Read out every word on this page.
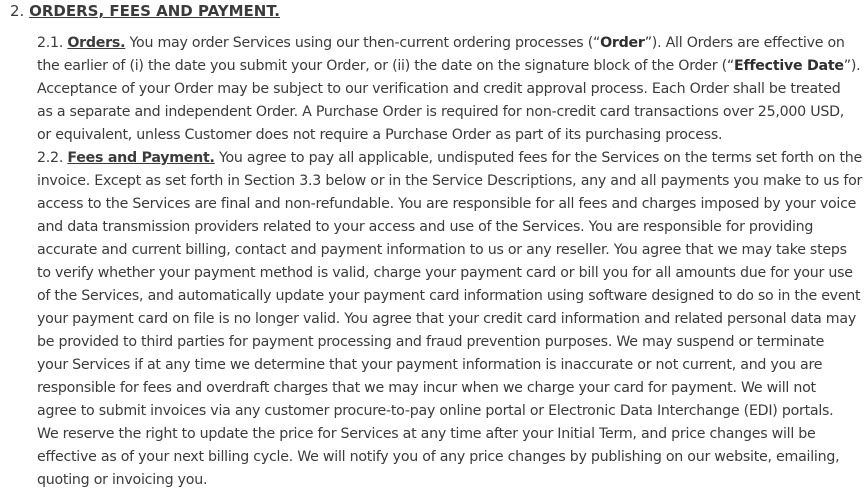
2. ORDERS, FEES AND PAYMENT.
2.1. Orders. You may order Services using our then-current ordering processes (“Order”). All Orders are effective on
the earlier of (i) the date you submit your Order, or (ii) the date on the signature block of the Order (“Effective Date”).
Acceptance of your Order may be subject to our verification and credit approval process. Each Order shall be treated
as a separate and independent Order. A Purchase Order is required for non-credit card transactions over 25,000 USD,
or equivalent, unless Customer does not require a Purchase Order as part of its purchasing process.
2.2. Fees and Payment. You agree to pay all applicable, undisputed fees for the Services on the terms set forth on the
invoice. Except as set forth in Section 3.3 below or in the Service Descriptions, any and all payments you make to us for
access to the Services are final and non-refundable. You are responsible for all fees and charges imposed by your voice
and data transmission providers related to your access and use of the Services. You are responsible for providing
accurate and current billing, contact and payment information to us or any reseller. You agree that we may take steps
to verify whether your payment method is valid, charge your payment card or bill you for all amounts due for your use
of the Services, and automatically update your payment card information using software designed to do so in the event
your payment card on file is no longer valid. You agree that your credit card information and related personal data may
be provided to third parties for payment processing and fraud prevention purposes. We may suspend or terminate
your Services if at any time we determine that your payment information is inaccurate or not current, and you are
responsible for fees and overdraft charges that we may incur when we charge your card for payment. We will not
agree to submit invoices via any customer procure-to-pay online portal or Electronic Data Interchange (EDI) portals.
We reserve the right to update the price for Services at any time after your Initial Term, and price changes will be
effective as of your next billing cycle. We will notify you of any price changes by publishing on our website, emailing,
quoting or invoicing you.
